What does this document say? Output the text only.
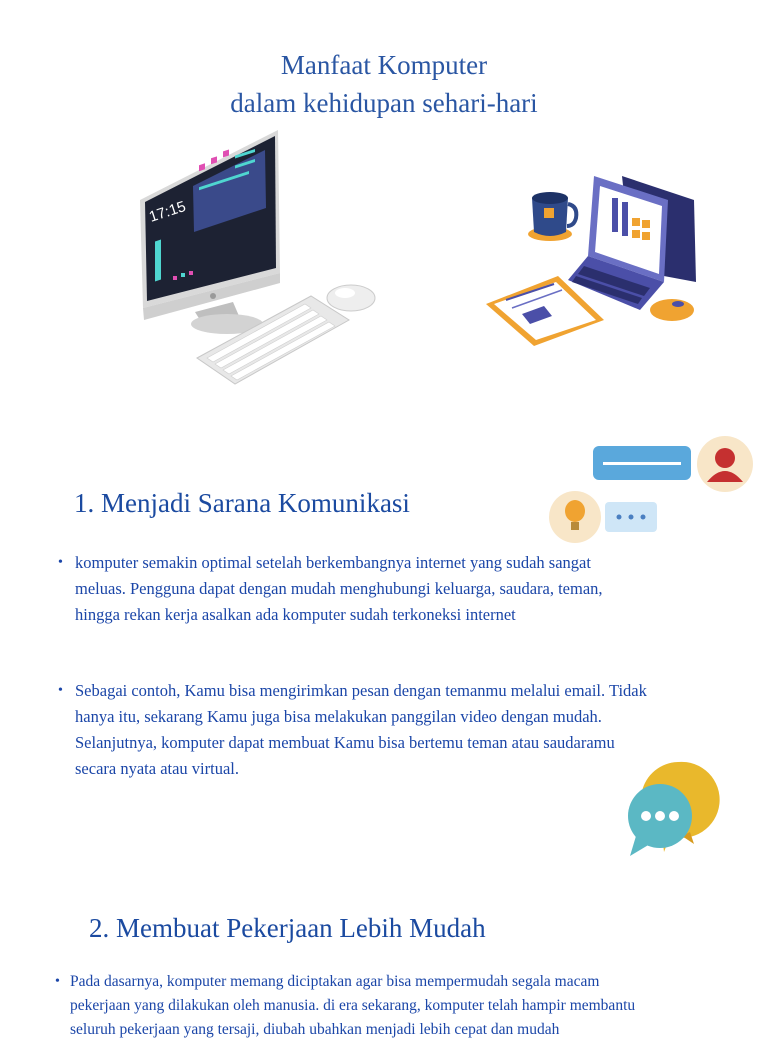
Manfaat Komputer
dalam kehidupan sehari-hari
17:15
1. Menjadi Sarana Komunikasi
• komputer semakin optimal setelah berkembangnya internet yang sudah sangat
meluas. Pengguna dapat dengan mudah menghubungi keluarga, saudara, teman,
hingga rekan kerja asalkan ada komputer sudah terkoneksi internet
• Sebagai contoh, Kamu bisa mengirimkan pesan dengan temanmu melalui email. Tidak
hanya itu, sekarang Kamu juga bisa melakukan panggilan video dengan mudah.
Selanjutnya, komputer dapat membuat Kamu bisa bertemu teman atau saudaramu
secara nyata atau virtual.
2. Membuat Pekerjaan Lebih Mudah
• Pada dasarnya, komputer memang diciptakan agar bisa mempermudah segala macam
pekerjaan yang dilakukan oleh manusia. di era sekarang, komputer telah hampir membantu
seluruh pekerjaan yang tersaji, diubah ubahkan menjadi lebih cepat dan mudah
